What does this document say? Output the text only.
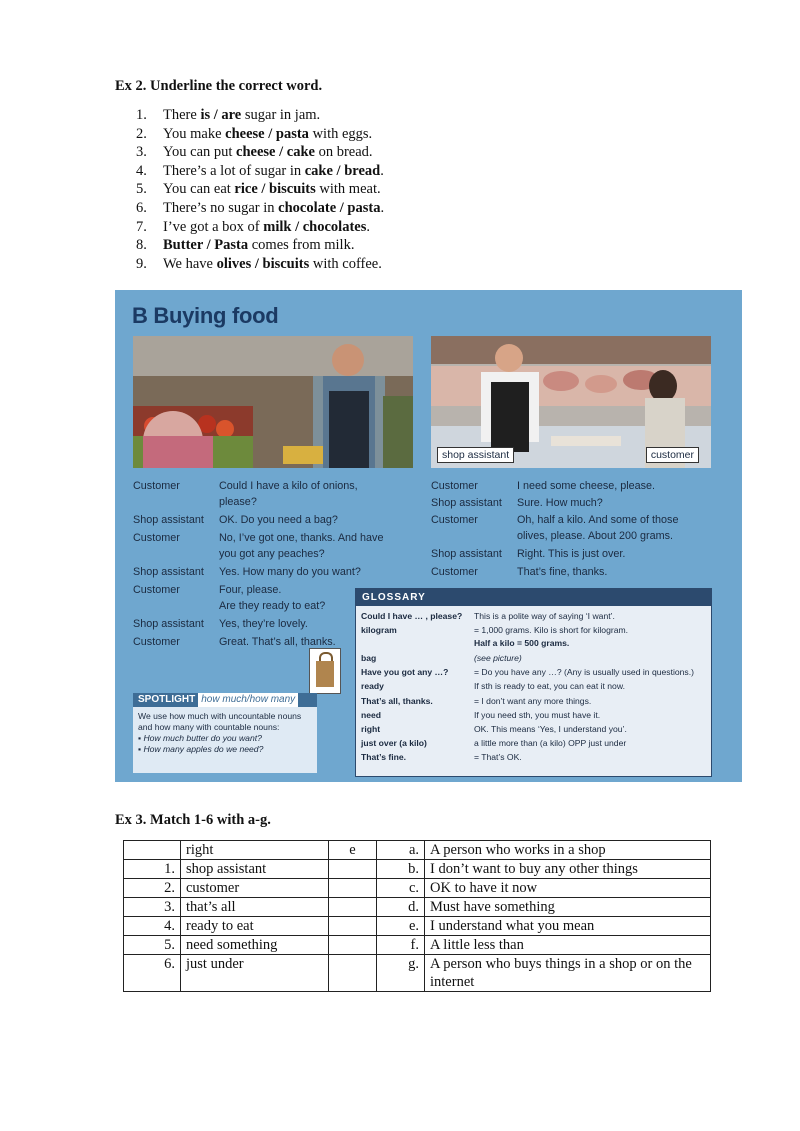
Ex 2. Underline the correct word.
1. There is / are sugar in jam.
2. You make cheese / pasta with eggs.
3. You can put cheese / cake on bread.
4. There’s a lot of sugar in cake / bread.
5. You can eat rice / biscuits with meat.
6. There’s no sugar in chocolate / pasta.
7. I’ve got a box of milk / chocolates.
8. Butter / Pasta comes from milk.
9. We have olives / biscuits with coffee.
B Buying food
shop assistant	customer
Customer	Could I have a kilo of onions,
please?
Shop assistant OK. Do you need a bag?
Customer	No, I’ve got one, thanks. And have
you got any peaches?
Shop assistant Yes. How many do you want?
Customer	Four, please.
Are they ready to eat?
Shop assistant Yes, they’re lovely.
Customer	Great. That’s all, thanks.
Customer	I need some cheese, please.
Shop assistant Sure. How much?
Customer	Oh, half a kilo. And some of those
olives, please. About 200 grams.
Shop assistant Right. This is just over.
Customer	That’s fine, thanks.
SPOTLIGHT how much/how many
We use how much with uncountable nouns
and how many with countable nouns:
▪ How much butter do you want?
▪ How many apples do we need?
GLOSSARY
Could I have … , please? This is a polite way of saying ‘I want’.
kilogram	= 1,000 grams. Kilo is short for kilogram.
Half a kilo = 500 grams.
bag	(see picture)
Have you got any …?	= Do you have any …? (Any is usually used in questions.)
ready	If sth is ready to eat, you can eat it now.
That’s all, thanks.	= I don’t want any more things.
need	If you need sth, you must have it.
right	OK. This means ‘Yes, I understand you’.
just over (a kilo)	a little more than (a kilo) OPP just under
That’s fine.	= That’s OK.
Ex 3. Match 1-6 with a-g.
	right	e	a.	A person who works in a shop
1.	shop assistant		b.	I don’t want to buy any other things
2.	customer		c.	OK to have it now
3.	that’s all		d.	Must have something
4.	ready to eat		e.	I understand what you mean
5.	need something		f.	A little less than
6.	just under		g.	A person who buys things in a shop or on the internet
